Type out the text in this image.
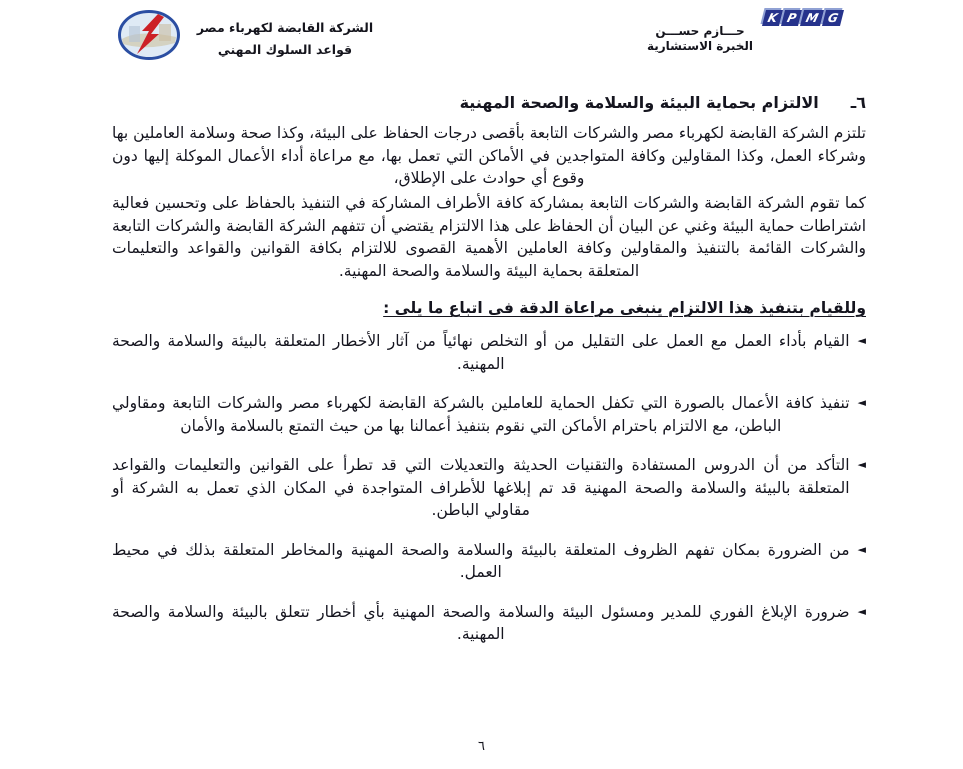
الشركة القابضة لكهرباء مصر
قواعد السلوك المهني
K P M G
حـــازم حســـن
الخبرة الاستشارية
٦ـ
الالتزام بحماية البيئة والسلامة والصحة المهنية

تلتزم الشركة القابضة لكهرباء مصر والشركات التابعة بأقصى درجات الحفاظ على البيئة، وكذا صحة وسلامة العاملين بها وشركاء العمل، وكذا المقاولين وكافة المتواجدين في الأماكن التي تعمل بها، مع مراعاة أداء الأعمال الموكلة إليها دون وقوع أي حوادث على الإطلاق،

كما تقوم الشركة القابضة والشركات التابعة بمشاركة كافة الأطراف المشاركة في التنفيذ بالحفاظ على وتحسين فعالية اشتراطات حماية البيئة وغني عن البيان أن الحفاظ على هذا الالتزام يقتضي أن تتفهم الشركة القابضة والشركات التابعة والشركات القائمة بالتنفيذ والمقاولين وكافة العاملين الأهمية القصوى للالتزام بكافة القوانين والقواعد والتعليمات المتعلقة بحماية البيئة والسلامة والصحة المهنية.

وللقيام بتنفيذ هذا الالتزام ينبغى مراعاة الدقة فى اتباع ما يلى :
◄
القيام بأداء العمل مع العمل على التقليل من أو التخلص نهائياً من آثار الأخطار المتعلقة بالبيئة والسلامة والصحة المهنية.
◄
تنفيذ كافة الأعمال بالصورة التي تكفل الحماية للعاملين بالشركة القابضة لكهرباء مصر والشركات التابعة ومقاولي الباطن، مع الالتزام باحترام الأماكن التي نقوم بتنفيذ أعمالنا بها من حيث التمتع بالسلامة والأمان
◄
التأكد من أن الدروس المستفادة والتقنيات الحديثة والتعديلات التي قد تطرأ على القوانين والتعليمات والقواعد المتعلقة بالبيئة والسلامة والصحة المهنية قد تم إبلاغها للأطراف المتواجدة في المكان الذي تعمل به الشركة أو مقاولي الباطن.
◄
من الضرورة بمكان تفهم الظروف المتعلقة بالبيئة والسلامة والصحة المهنية والمخاطر المتعلقة بذلك في محيط العمل.
◄
ضرورة الإبلاغ الفوري للمدير ومسئول البيئة والسلامة والصحة المهنية بأي أخطار تتعلق بالبيئة والسلامة والصحة المهنية.
٦
